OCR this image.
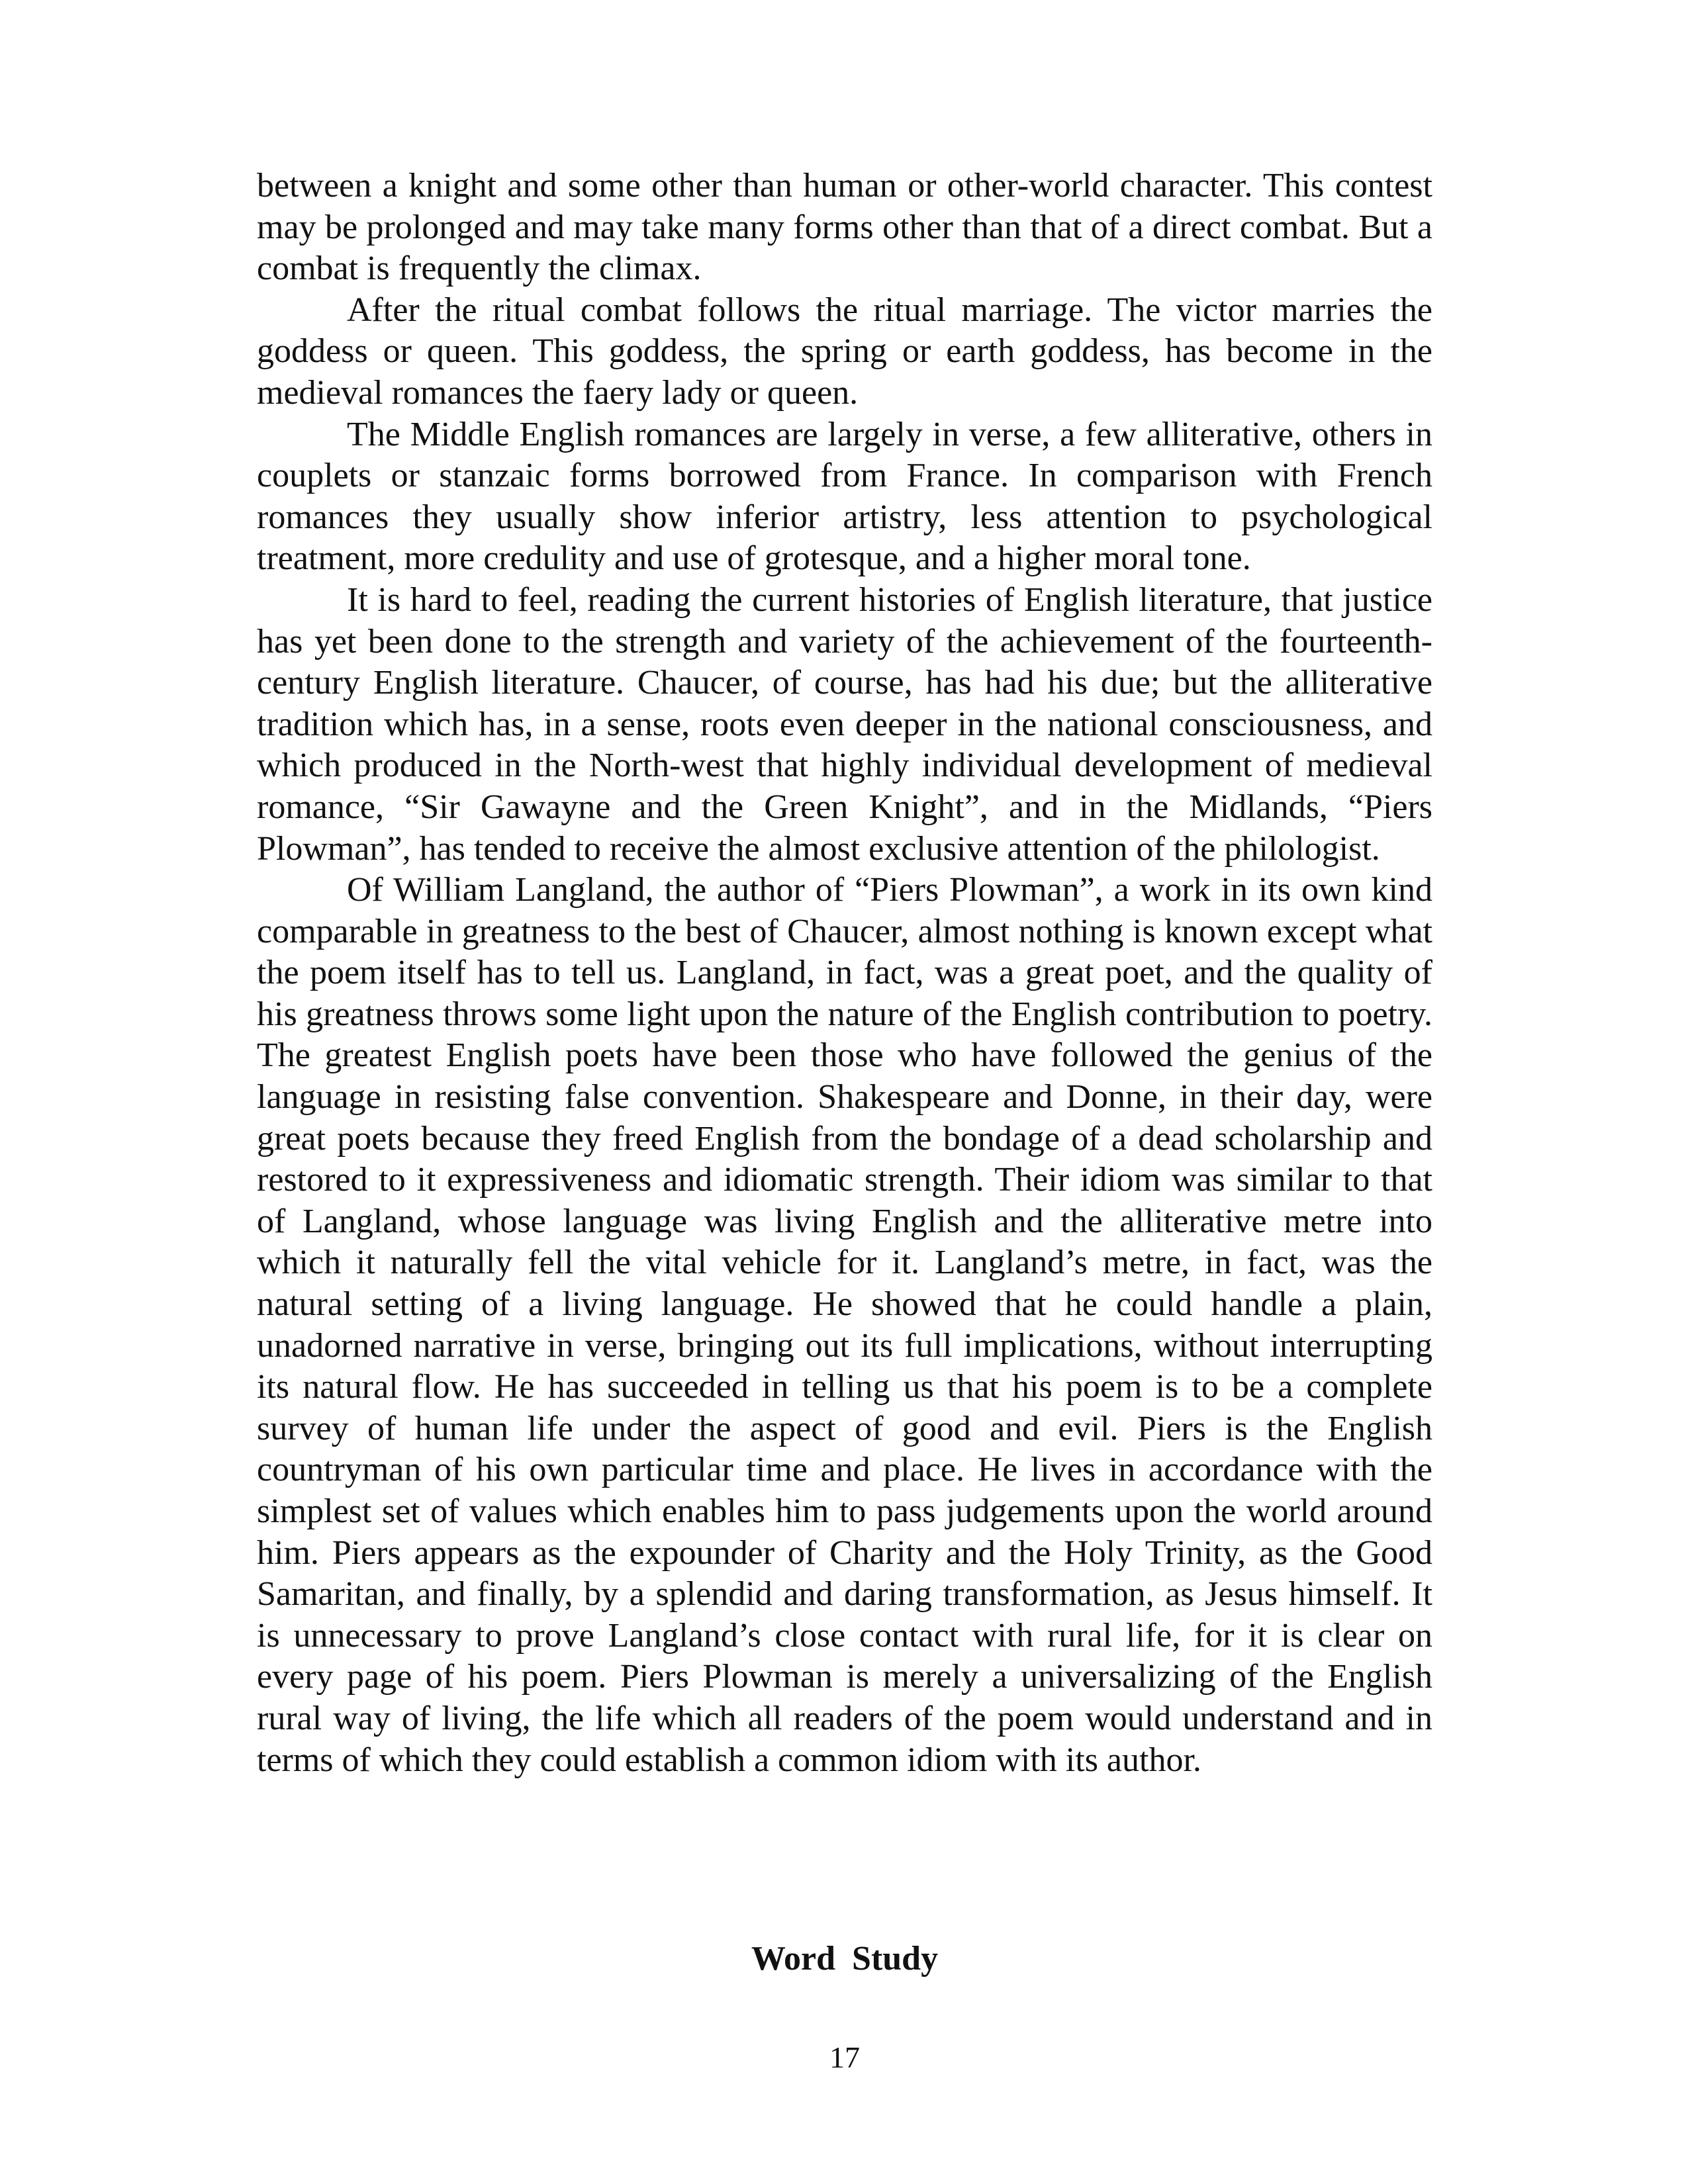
between a knight and some other than human or other-world character. This contest may be prolonged and may take many forms other than that of a direct combat. But a combat is frequently the climax.

After the ritual combat follows the ritual marriage. The victor marries the goddess or queen. This goddess, the spring or earth goddess, has become in the medieval romances the faery lady or queen.

The Middle English romances are largely in verse, a few alliterative, others in couplets or stanzaic forms borrowed from France. In comparison with French romances they usually show inferior artistry, less attention to psychological treatment, more credulity and use of grotesque, and a higher moral tone.

It is hard to feel, reading the current histories of English literature, that justice has yet been done to the strength and variety of the achievement of the fourteenth-century English literature. Chaucer, of course, has had his due; but the alliterative tradition which has, in a sense, roots even deeper in the national consciousness, and which produced in the North-west that highly individual development of medieval romance, “Sir Gawayne and the Green Knight”, and in the Midlands, “Piers Plowman”, has tended to receive the almost exclusive attention of the philologist.

Of William Langland, the author of “Piers Plowman”, a work in its own kind comparable in greatness to the best of Chaucer, almost nothing is known except what the poem itself has to tell us. Langland, in fact, was a great poet, and the quality of his greatness throws some light upon the nature of the English contribution to poetry. The greatest English poets have been those who have followed the genius of the language in resisting false convention. Shakespeare and Donne, in their day, were great poets because they freed English from the bondage of a dead scholarship and restored to it expressiveness and idiomatic strength. Their idiom was similar to that of Langland, whose language was living English and the alliterative metre into which it naturally fell the vital vehicle for it. Langland’s metre, in fact, was the natural setting of a living language. He showed that he could handle a plain, unadorned narrative in verse, bringing out its full implications, without interrupting its natural flow. He has succeeded in telling us that his poem is to be a complete survey of human life under the aspect of good and evil. Piers is the English countryman of his own particular time and place. He lives in accordance with the simplest set of values which enables him to pass judgements upon the world around him. Piers appears as the expounder of Charity and the Holy Trinity, as the Good Samaritan, and finally, by a splendid and daring transformation, as Jesus himself. It is unnecessary to prove Langland’s close contact with rural life, for it is clear on every page of his poem. Piers Plowman is merely a universalizing of the English rural way of living, the life which all readers of the poem would understand and in terms of which they could establish a common idiom with its author.

Word Study
17
